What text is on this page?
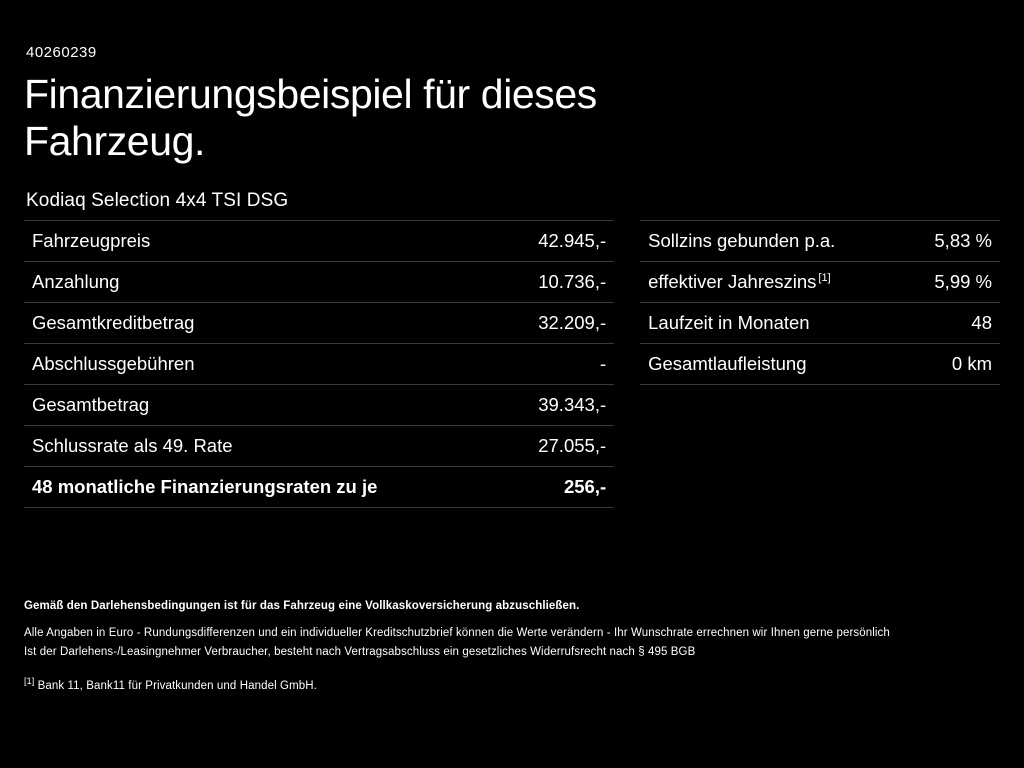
40260239
Finanzierungsbeispiel für dieses Fahrzeug.
Kodiaq Selection 4x4 TSI DSG
Fahrzeugpreis	42.945,-
Anzahlung	10.736,-
Gesamtkreditbetrag	32.209,-
Abschlussgebühren	-
Gesamtbetrag	39.343,-
Schlussrate als 49. Rate	27.055,-
48 monatliche Finanzierungsraten zu je	256,-
Sollzins gebunden p.a.	5,83 %
effektiver Jahreszins [1]	5,99 %
Laufzeit in Monaten	48
Gesamtlaufleistung	0 km
Gemäß den Darlehensbedingungen ist für das Fahrzeug eine Vollkaskoversicherung abzuschließen.
Alle Angaben in Euro - Rundungsdifferenzen und ein individueller Kreditschutzbrief können die Werte verändern - Ihr Wunschrate errechnen wir Ihnen gerne persönlich
Ist der Darlehens-/Leasingnehmer Verbraucher, besteht nach Vertragsabschluss ein gesetzliches Widerrufsrecht nach § 495 BGB
[1] Bank 11, Bank11 für Privatkunden und Handel GmbH.
